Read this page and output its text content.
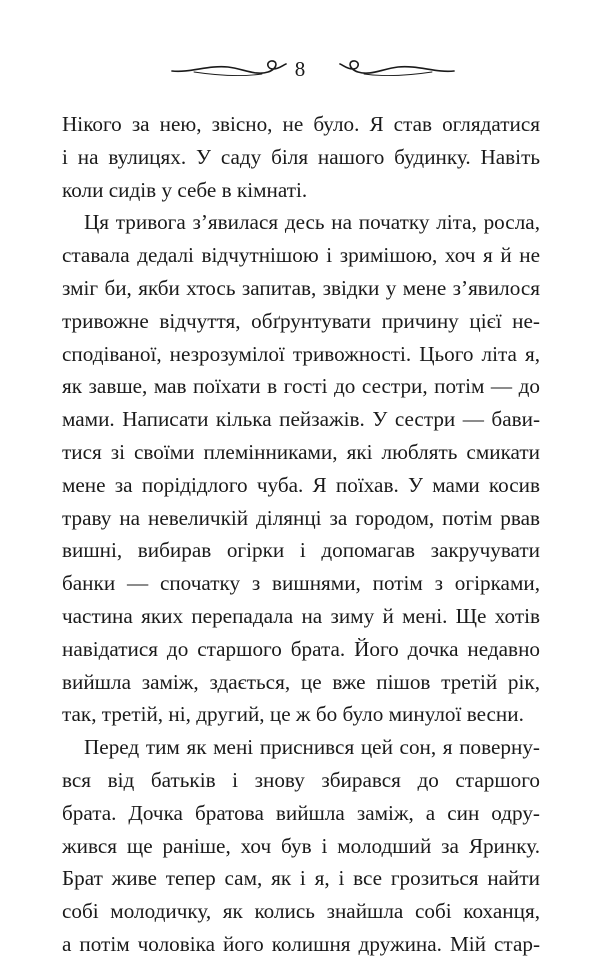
8
Нікого за нею, звісно, не було. Я став оглядатися
і на вулицях. У саду біля нашого будинку. Навіть
коли сидів у себе в кімнаті.
Ця тривога з’явилася десь на початку літа, росла,
ставала дедалі відчутнішою і зримішою, хоч я й не
зміг би, якби хтось запитав, звідки у мене з’явилося
тривожне відчуття, обґрунтувати причину цієї не-
сподіваної, незрозумілої тривожності. Цього літа я,
як завше, мав поїхати в гості до сестри, потім — до
мами. Написати кілька пейзажів. У сестри — бави-
тися зі своїми племінниками, які люблять смикати
мене за порідідлого чуба. Я поїхав. У мами косив
траву на невеличкій ділянці за городом, потім рвав
вишні, вибирав огірки і допомагав закручувати
банки — спочатку з вишнями, потім з огірками,
частина яких перепадала на зиму й мені. Ще хотів
навідатися до старшого брата. Його дочка недавно
вийшла заміж, здається, це вже пішов третій рік,
так, третій, ні, другий, це ж бо було минулої весни.
Перед тим як мені приснився цей сон, я поверну-
вся від батьків і знову збирався до старшого
брата. Дочка братова вийшла заміж, а син одру-
жився ще раніше, хоч був і молодший за Яринку.
Брат живе тепер сам, як і я, і все грозиться найти
собі молодичку, як колись знайшла собі коханця,
а потім чоловіка його колишня дружина. Мій стар-
